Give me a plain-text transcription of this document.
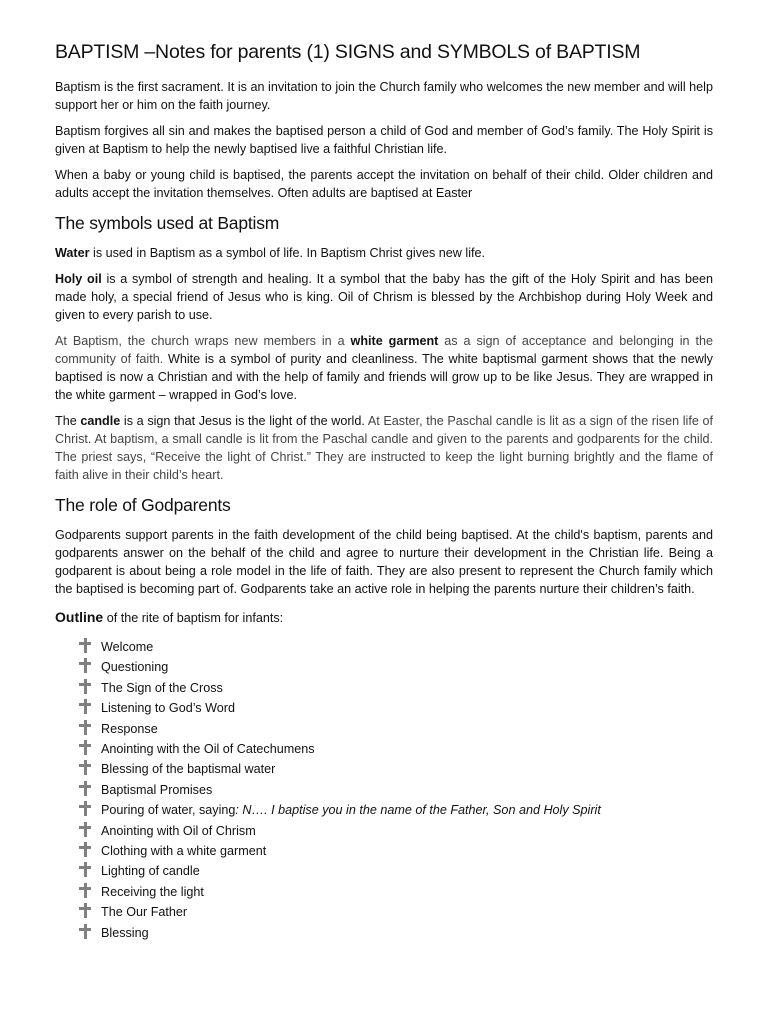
BAPTISM –Notes for parents (1) SIGNS and SYMBOLS of BAPTISM

Baptism is the first sacrament. It is an invitation to join the Church family who welcomes the new member and will help support her or him on the faith journey.

Baptism forgives all sin and makes the baptised person a child of God and member of God’s family. The Holy Spirit is given at Baptism to help the newly baptised live a faithful Christian life.

When a baby or young child is baptised, the parents accept the invitation on behalf of their child. Older children and adults accept the invitation themselves. Often adults are baptised at Easter

The symbols used at Baptism

Water is used in Baptism as a symbol of life. In Baptism Christ gives new life.

Holy oil is a symbol of strength and healing. It a symbol that the baby has the gift of the Holy Spirit and has been made holy, a special friend of Jesus who is king. Oil of Chrism is blessed by the Archbishop during Holy Week and given to every parish to use.

At Baptism, the church wraps new members in a white garment as a sign of acceptance and belonging in the community of faith. White is a symbol of purity and cleanliness. The white baptismal garment shows that the newly baptised is now a Christian and with the help of family and friends will grow up to be like Jesus. They are wrapped in the white garment – wrapped in God’s love.

The candle is a sign that Jesus is the light of the world. At Easter, the Paschal candle is lit as a sign of the risen life of Christ. At baptism, a small candle is lit from the Paschal candle and given to the parents and godparents for the child. The priest says, “Receive the light of Christ.” They are instructed to keep the light burning brightly and the flame of faith alive in their child’s heart.

The role of Godparents

Godparents support parents in the faith development of the child being baptised. At the child's baptism, parents and godparents answer on the behalf of the child and agree to nurture their development in the Christian life. Being a godparent is about being a role model in the life of faith. They are also present to represent the Church family which the baptised is becoming part of. Godparents take an active role in helping the parents nurture their children’s faith.

Outline of the rite of baptism for infants:
Welcome
Questioning
The Sign of the Cross
Listening to God’s Word
Response
Anointing with the Oil of Catechumens
Blessing of the baptismal water
Baptismal Promises
Pouring of water, saying: N…. I baptise you in the name of the Father, Son and Holy Spirit
Anointing with Oil of Chrism
Clothing with a white garment
Lighting of candle
Receiving the light
The Our Father
Blessing
